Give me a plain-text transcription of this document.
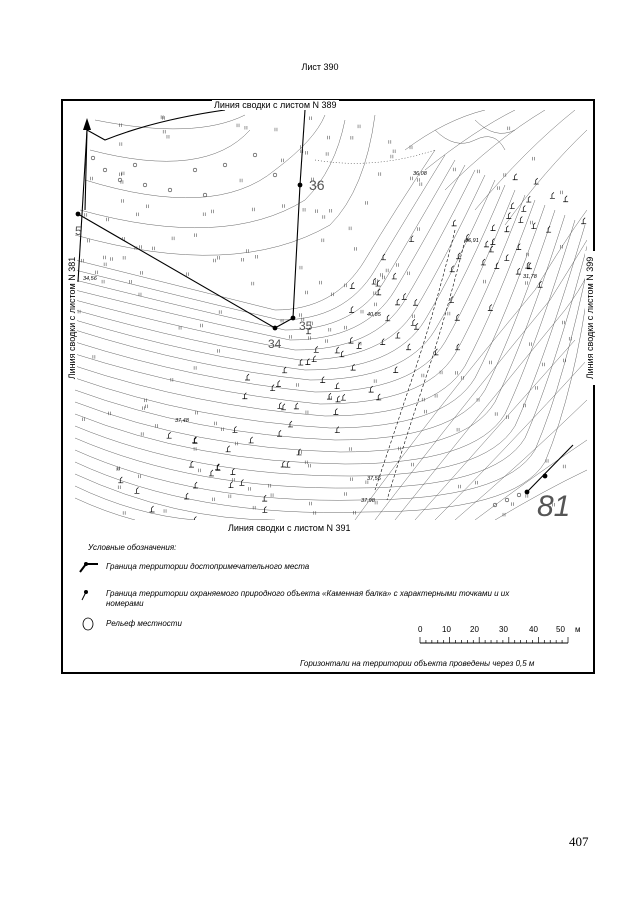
Лист 390
36
35
34
5
81
36,08
36,91
31,78
40,85
37,48
37,55
37,98
34,56
Линия сводки с листом N 389
Линия сводки с листом N 391
Линия сводки с листом N 381	Линия сводки с листом N 399
Условные обозначения:
Граница территории достопримечательного места
Граница территории охраняемого природного объекта «Каменная балка» с характерными точками и их номерами
Рельеф местности
0 10 20	30	40 50 м
Горизонтали на территории объекта проведены через 0,5 м
407
